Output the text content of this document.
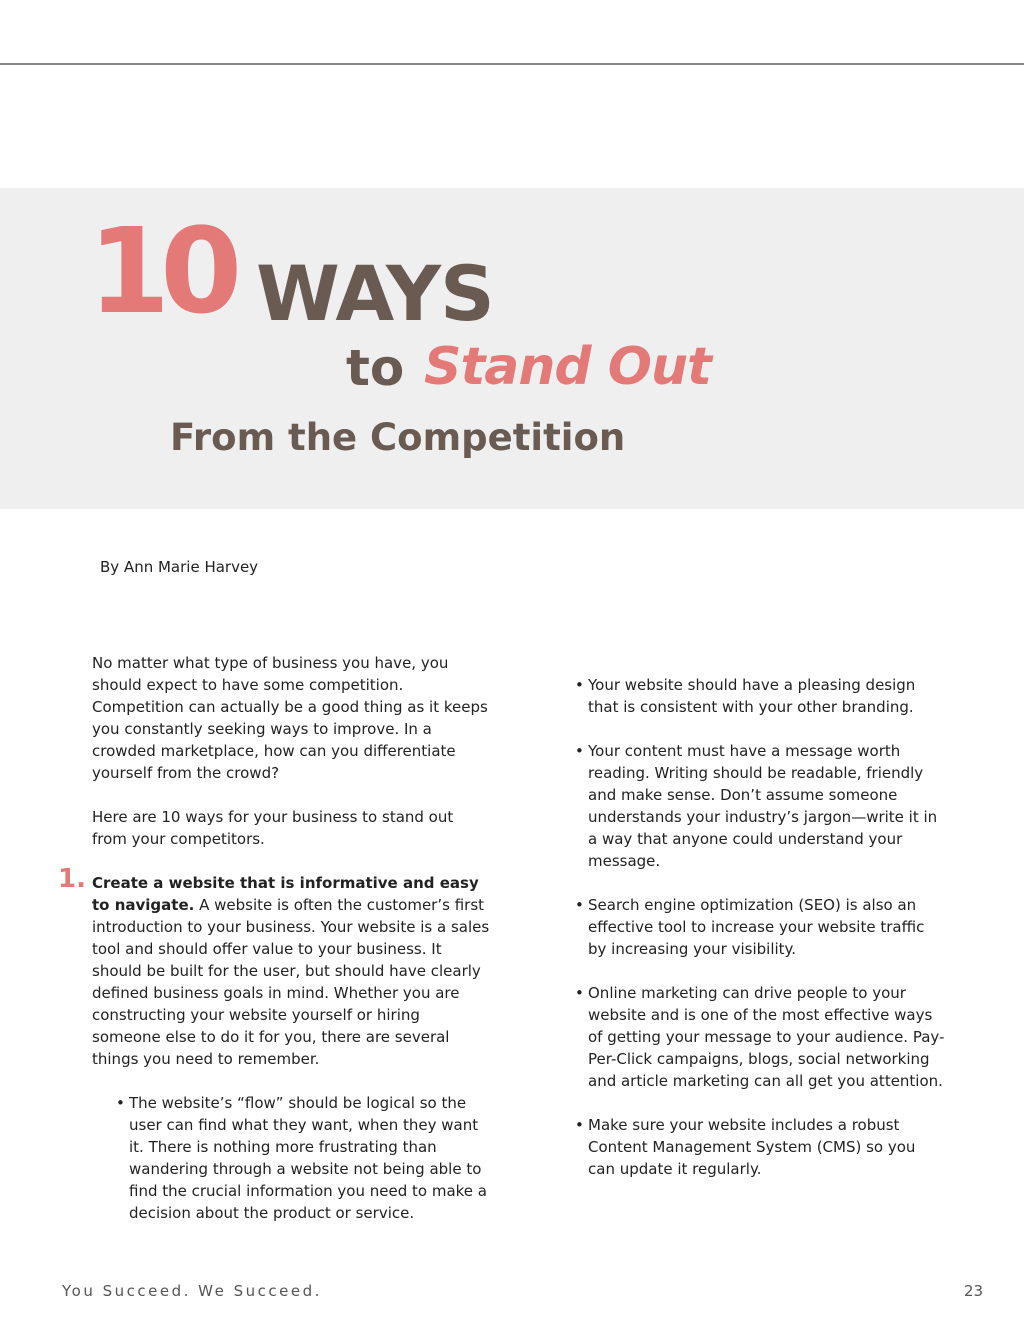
10 WAYS
to Stand Out
From the Competition
By Ann Marie Harvey

No matter what type of business you have, you should expect to have some competition. Competition can actually be a good thing as it keeps you constantly seeking ways to improve. In a crowded marketplace, how can you differentiate yourself from the crowd?

Here are 10 ways for your business to stand out from your competitors.

1. Create a website that is informative and easy to navigate. A website is often the customer’s first introduction to your business. Your website is a sales tool and should offer value to your business. It should be built for the user, but should have clearly defined business goals in mind. Whether you are constructing your website yourself or hiring someone else to do it for you, there are several things you need to remember.

• The website’s “flow” should be logical so the user can find what they want, when they want it. There is nothing more frustrating than wandering through a website not being able to find the crucial information you need to make a decision about the product or service.

• Your website should have a pleasing design that is consistent with your other branding.

• Your content must have a message worth reading. Writing should be readable, friendly and make sense. Don’t assume someone understands your industry’s jargon—write it in a way that anyone could understand your message.

• Search engine optimization (SEO) is also an effective tool to increase your website traffic by increasing your visibility.

• Online marketing can drive people to your website and is one of the most effective ways of getting your message to your audience. Pay-Per-Click campaigns, blogs, social networking and article marketing can all get you attention.

• Make sure your website includes a robust Content Management System (CMS) so you can update it regularly.

You Succeed. We Succeed.	23
